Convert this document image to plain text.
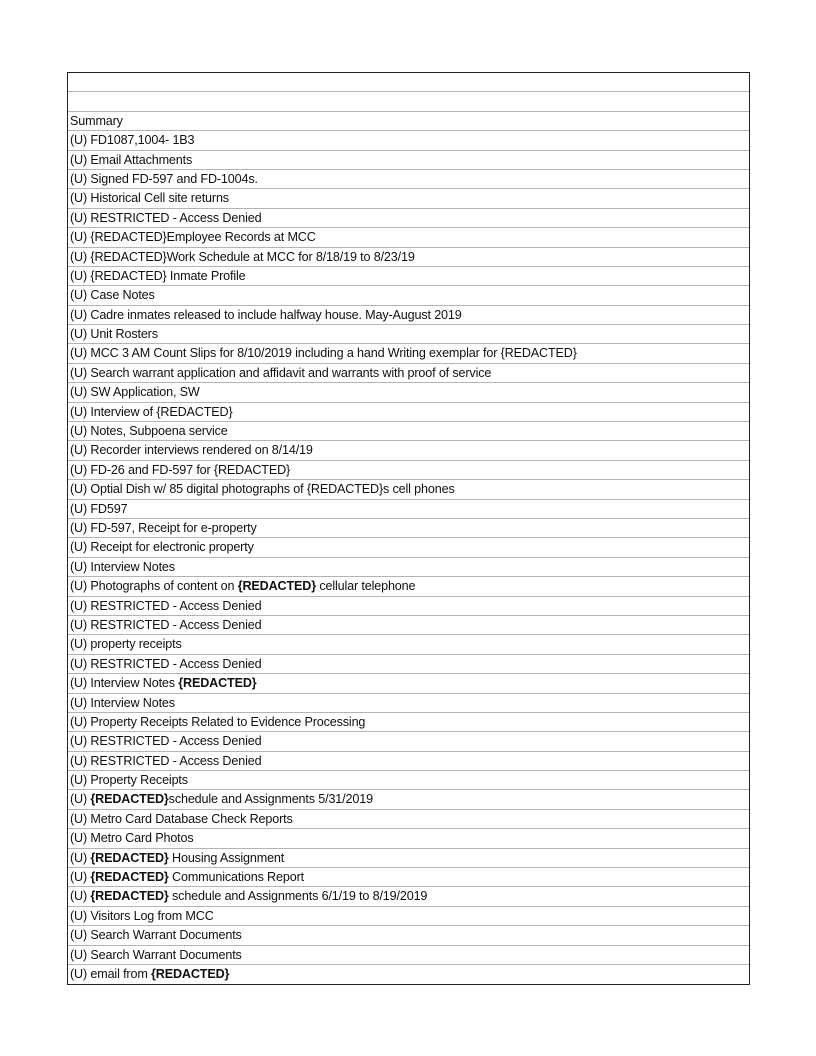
Summary
(U) FD1087,1004- 1B3
(U) Email Attachments
(U) Signed FD-597 and FD-1004s.
(U) Historical Cell site returns
(U) RESTRICTED - Access Denied
(U) {REDACTED}Employee Records at MCC
(U) {REDACTED}Work Schedule at MCC for 8/18/19 to 8/23/19
(U) {REDACTED} Inmate Profile
(U) Case Notes
(U) Cadre inmates released to include halfway house. May-August 2019
(U) Unit Rosters
(U) MCC 3 AM Count Slips for 8/10/2019 including a hand Writing exemplar for {REDACTED}
(U) Search warrant application and affidavit and warrants with proof of service
(U) SW Application, SW
(U) Interview of {REDACTED}
(U) Notes, Subpoena service
(U) Recorder interviews rendered on 8/14/19
(U) FD-26 and FD-597 for {REDACTED}
(U) Optial Dish w/ 85 digital photographs of {REDACTED}s cell phones
(U) FD597
(U) FD-597, Receipt for e-property
(U) Receipt for electronic property
(U) Interview Notes
(U) Photographs of content on {REDACTED} cellular telephone
(U) RESTRICTED - Access Denied
(U) RESTRICTED - Access Denied
(U) property receipts
(U) RESTRICTED - Access Denied
(U) Interview Notes {REDACTED}
(U) Interview Notes
(U) Property Receipts Related to Evidence Processing
(U) RESTRICTED - Access Denied
(U) RESTRICTED - Access Denied
(U) Property Receipts
(U) {REDACTED}schedule and Assignments 5/31/2019
(U) Metro Card Database Check Reports
(U) Metro Card Photos
(U) {REDACTED} Housing Assignment
(U) {REDACTED} Communications Report
(U) {REDACTED} schedule and Assignments 6/1/19 to 8/19/2019
(U) Visitors Log from MCC
(U) Search Warrant Documents
(U) Search Warrant Documents
(U) email from {REDACTED}
